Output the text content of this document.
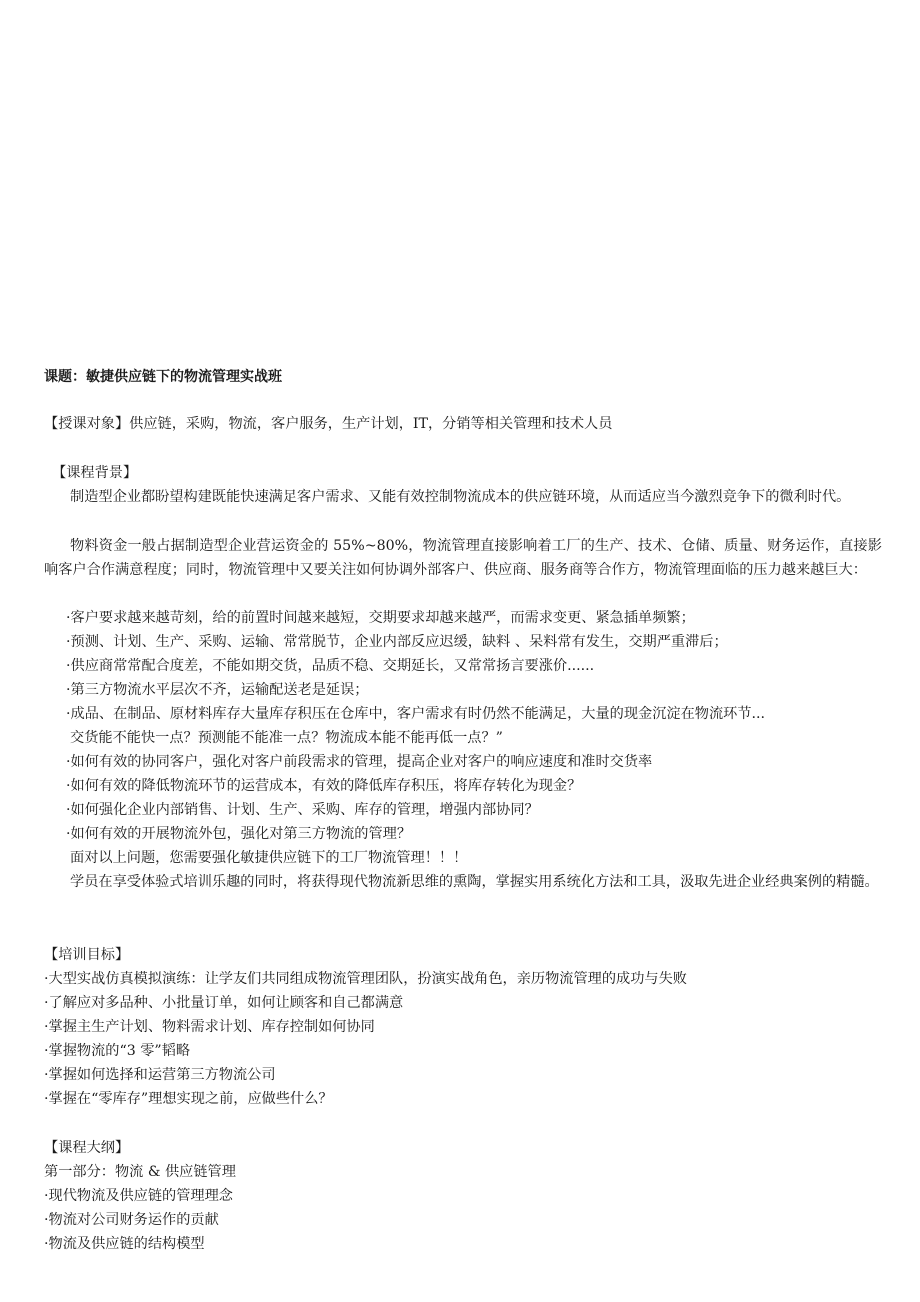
课题：敏捷供应链下的物流管理实战班
【授课对象】供应链，采购，物流，客户服务，生产计划，IT，分销等相关管理和技术人员
【课程背景】
制造型企业都盼望构建既能快速满足客户需求、又能有效控制物流成本的供应链环境，从而适应当今激烈竞争下的微利时代。
物料资金一般占据制造型企业营运资金的 55%~80%，物流管理直接影响着工厂的生产、技术、仓储、质量、财务运作，直接影响客户合作满意程度；同时，物流管理中又要关注如何协调外部客户、供应商、服务商等合作方，物流管理面临的压力越来越巨大：
·客户要求越来越苛刻，给的前置时间越来越短，交期要求却越来越严，而需求变更、紧急插单频繁；
·预测、计划、生产、采购、运输、常常脱节，企业内部反应迟缓，缺料 、呆料常有发生，交期严重滞后；
·供应商常常配合度差，不能如期交货，品质不稳、交期延长，又常常扬言要涨价......
·第三方物流水平层次不齐，运输配送老是延误；
·成品、在制品、原材料库存大量库存积压在仓库中，客户需求有时仍然不能满足，大量的现金沉淀在物流环节...
交货能不能快一点？预测能不能准一点？物流成本能不能再低一点？”
·如何有效的协同客户，强化对客户前段需求的管理，提高企业对客户的响应速度和准时交货率
·如何有效的降低物流环节的运营成本，有效的降低库存积压，将库存转化为现金？
·如何强化企业内部销售、计划、生产、采购、库存的管理，增强内部协同？
·如何有效的开展物流外包，强化对第三方物流的管理？
面对以上问题，您需要强化敏捷供应链下的工厂物流管理！！！
学员在享受体验式培训乐趣的同时，将获得现代物流新思维的熏陶，掌握实用系统化方法和工具，汲取先进企业经典案例的精髓。
【培训目标】
·大型实战仿真模拟演练：让学友们共同组成物流管理团队，扮演实战角色，亲历物流管理的成功与失败
·了解应对多品种、小批量订单，如何让顾客和自己都满意
·掌握主生产计划、物料需求计划、库存控制如何协同
·掌握物流的“3 零”韬略
·掌握如何选择和运营第三方物流公司
·掌握在“零库存”理想实现之前，应做些什么？
【课程大纲】
第一部分：物流 & 供应链管理
·现代物流及供应链的管理理念
·物流对公司财务运作的贡献
·物流及供应链的结构模型
